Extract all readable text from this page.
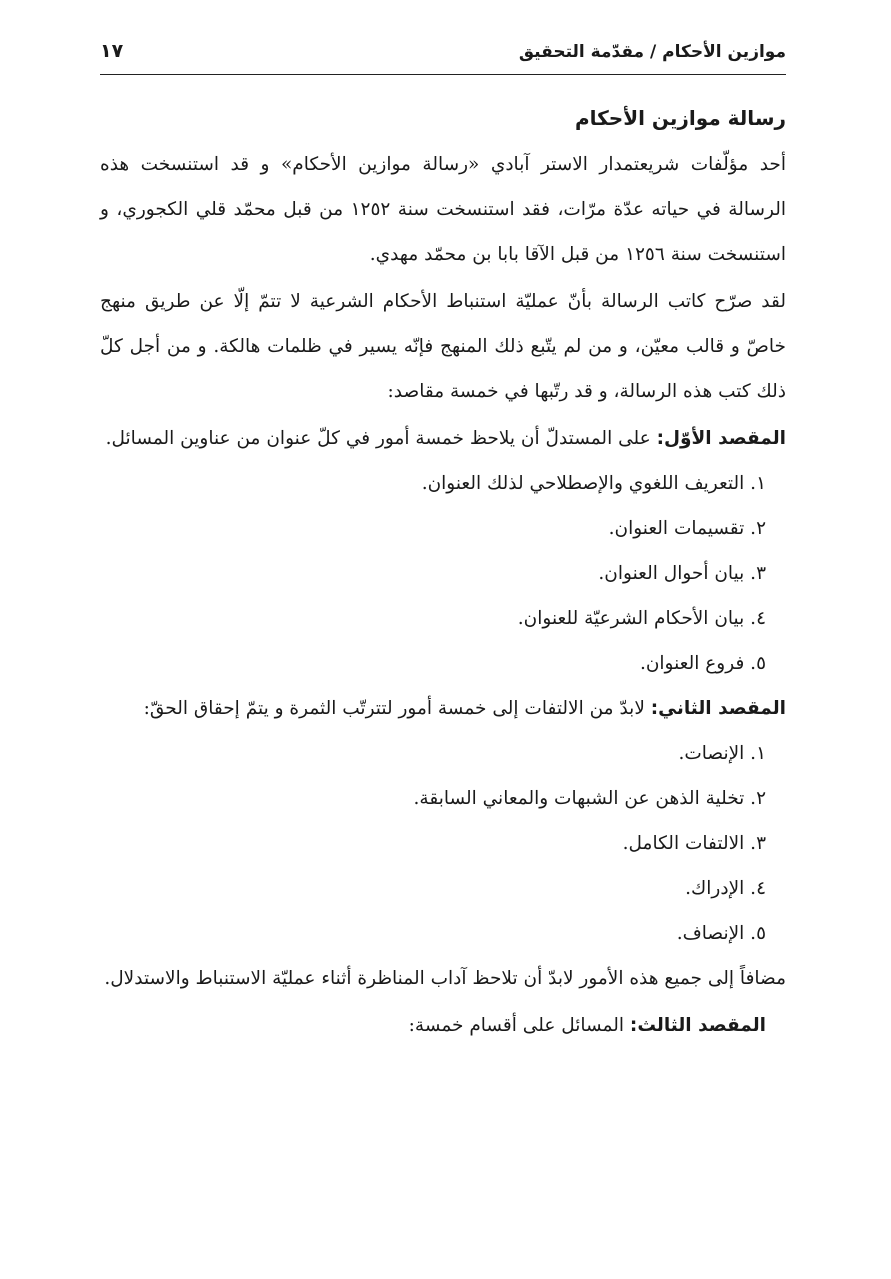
موازين الأحكام / مقدّمة التحقيق
١٧
رسالة موازين الأحكام

أحد مؤلّفات شريعتمدار الاستر آبادي «رسالة موازين الأحكام» و قد استنسخت هذه الرسالة في حياته عدّة مرّات، فقد استنسخت سنة ١٢٥٢ من قبل محمّد قلي الكجوري، و استنسخت سنة ١٢٥٦ من قبل الآقا بابا بن محمّد مهدي.

لقد صرّح كاتب الرسالة بأنّ عمليّة استنباط الأحكام الشرعية لا تتمّ إلّا عن طريق منهج خاصّ و قالب معيّن، و من لم يتّبع ذلك المنهج فإنّه يسير في ظلمات هالكة. و من أجل كلّ ذلك كتب هذه الرسالة، و قد رتّبها في خمسة مقاصد:

المقصد الأوّل: على المستدلّ أن يلاحظ خمسة أمور في كلّ عنوان من عناوين المسائل.

١. التعريف اللغوي والإصطلاحي لذلك العنوان.
٢. تقسيمات العنوان.
٣. بيان أحوال العنوان.
٤. بيان الأحكام الشرعيّة للعنوان.
٥. فروع العنوان.

المقصد الثاني: لابدّ من الالتفات إلى خمسة أمور لتترتّب الثمرة و يتمّ إحقاق الحقّ:

١. الإنصات.
٢. تخلية الذهن عن الشبهات والمعاني السابقة.
٣. الالتفات الكامل.
٤. الإدراك.
٥. الإنصاف.

مضافاً إلى جميع هذه الأمور لابدّ أن تلاحظ آداب المناظرة أثناء عمليّة الاستنباط والاستدلال.

المقصد الثالث: المسائل على أقسام خمسة:
